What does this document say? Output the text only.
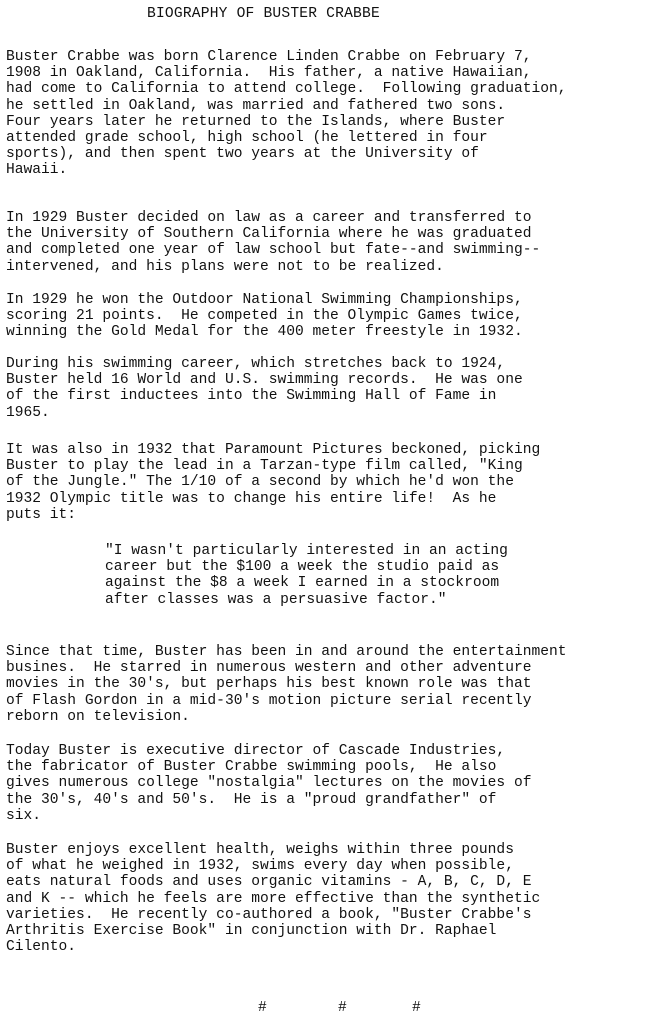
BIOGRAPHY OF BUSTER CRABBE

Buster Crabbe was born Clarence Linden Crabbe on February 7,
1908 in Oakland, California.  His father, a native Hawaiian,
had come to California to attend college.  Following graduation,
he settled in Oakland, was married and fathered two sons.
Four years later he returned to the Islands, where Buster
attended grade school, high school (he lettered in four
sports), and then spent two years at the University of
Hawaii.

In 1929 Buster decided on law as a career and transferred to
the University of Southern California where he was graduated
and completed one year of law school but fate--and swimming--
intervened, and his plans were not to be realized.

In 1929 he won the Outdoor National Swimming Championships,
scoring 21 points.  He competed in the Olympic Games twice,
winning the Gold Medal for the 400 meter freestyle in 1932.

During his swimming career, which stretches back to 1924,
Buster held 16 World and U.S. swimming records.  He was one
of the first inductees into the Swimming Hall of Fame in
1965.

It was also in 1932 that Paramount Pictures beckoned, picking
Buster to play the lead in a Tarzan-type film called, "King
of the Jungle." The 1/10 of a second by which he'd won the
1932 Olympic title was to change his entire life!  As he
puts it:

"I wasn't particularly interested in an acting
career but the $100 a week the studio paid as
against the $8 a week I earned in a stockroom
after classes was a persuasive factor."

Since that time, Buster has been in and around the entertainment
busines.  He starred in numerous western and other adventure
movies in the 30's, but perhaps his best known role was that
of Flash Gordon in a mid-30's motion picture serial recently
reborn on television.

Today Buster is executive director of Cascade Industries,
the fabricator of Buster Crabbe swimming pools,  He also
gives numerous college "nostalgia" lectures on the movies of
the 30's, 40's and 50's.  He is a "proud grandfather" of
six.

Buster enjoys excellent health, weighs within three pounds
of what he weighed in 1932, swims every day when possible,
eats natural foods and uses organic vitamins - A, B, C, D, E
and K -- which he feels are more effective than the synthetic
varieties.  He recently co-authored a book, "Buster Crabbe's
Arthritis Exercise Book" in conjunction with Dr. Raphael
Cilento.

#	#	#
